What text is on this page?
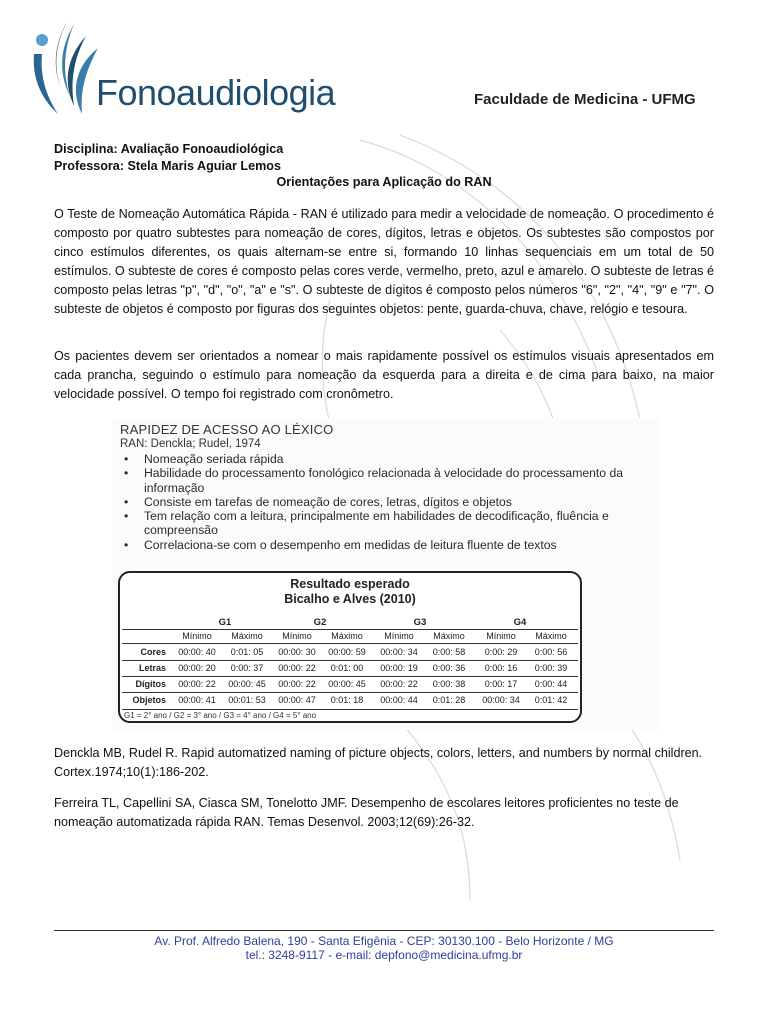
Fonoaudiologia	Faculdade de Medicina - UFMG
Disciplina: Avaliação Fonoaudiológica
Professora: Stela Maris Aguiar Lemos
Orientações para Aplicação do RAN
O Teste de Nomeação Automática Rápida - RAN é utilizado para medir a velocidade de nomeação. O procedimento é composto por quatro subtestes para nomeação de cores, dígitos, letras e objetos. Os subtestes são compostos por cinco estímulos diferentes, os quais alternam-se entre si, formando 10 linhas sequenciais em um total de 50 estímulos. O subteste de cores é composto pelas cores verde, vermelho, preto, azul e amarelo. O subteste de letras é composto pelas letras "p", "d", "o", "a" e "s". O subteste de dígitos é composto pelos números "6", "2", "4", "9" e "7". O subteste de objetos é composto por figuras dos seguintes objetos: pente, guarda-chuva, chave, relógio e tesoura.
Os pacientes devem ser orientados a nomear o mais rapidamente possível os estímulos visuais apresentados em cada prancha, seguindo o estímulo para nomeação da esquerda para a direita e de cima para baixo, na maior velocidade possível. O tempo foi registrado com cronômetro.
RAPIDEZ DE ACESSO AO LÉXICO
RAN: Denckla; Rudel, 1974
• Nomeação seriada rápida
• Habilidade do processamento fonológico relacionada à velocidade do processamento da informação
• Consiste em tarefas de nomeação de cores, letras, dígitos e objetos
• Tem relação com a leitura, principalmente em habilidades de decodificação, fluência e compreensão
• Correlaciona-se com o desempenho em medidas de leitura fluente de textos
Resultado esperado
Bicalho e Alves (2010)
G1	G2	G3	G4
Mínimo	Máximo	Mínimo	Máximo	Mínimo	Máximo	Mínimo	Máximo
Cores	00:00: 40	0:01: 05	00:00: 30	00:00: 59	00:00: 34	0:00: 58	0:00: 29	0:00: 56
Letras	00:00: 20	0:00: 37	00:00: 22	0:01: 00	00:00: 19	0:00: 36	0:00: 16	0:00: 39
Dígitos	00:00: 22	00:00: 45	00:00: 22	00:00: 45	00:00: 22	0:00: 38	0:00: 17	0:00: 44
Objetos	00:00: 41	00:01: 53	00:00: 47	0:01: 18	00:00: 44	0:01: 28	00:00: 34	0:01: 42
G1 = 2° ano / G2 = 3° ano / G3 = 4° ano / G4 = 5° ano
Denckla MB, Rudel R. Rapid automatized naming of picture objects, colors, letters, and numbers by normal children. Cortex.1974;10(1):186-202.
Ferreira TL, Capellini SA, Ciasca SM, Tonelotto JMF. Desempenho de escolares leitores proficientes no teste de nomeação automatizada rápida RAN. Temas Desenvol. 2003;12(69):26-32.
Av. Prof. Alfredo Balena, 190 - Santa Efigênia - CEP: 30130.100 - Belo Horizonte / MG
tel.: 3248-9117 - e-mail: depfono@medicina.ufmg.br
